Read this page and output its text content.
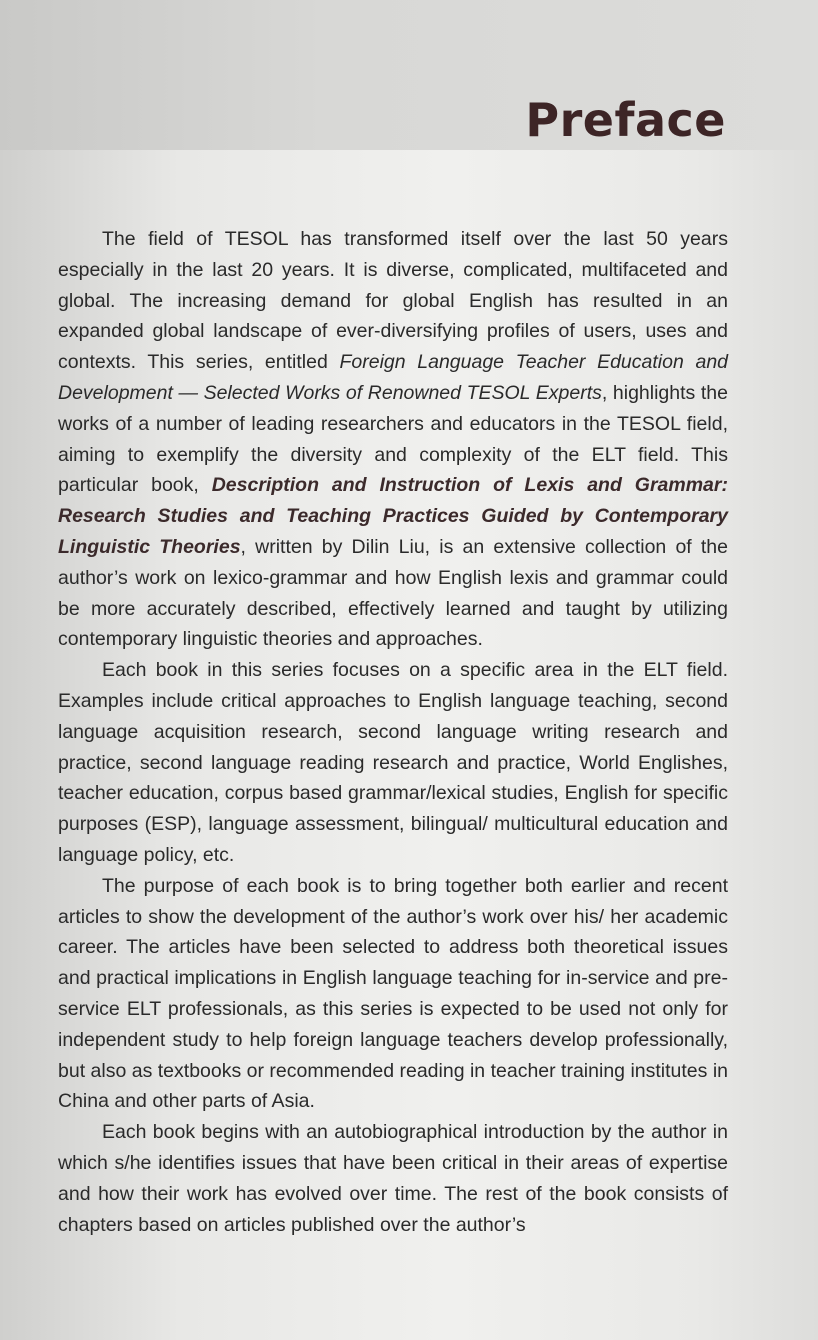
Preface

The field of TESOL has transformed itself over the last 50 years especially in the last 20 years. It is diverse, complicated, multifaceted and global. The increasing demand for global English has resulted in an expanded global landscape of ever-diversifying profiles of users, uses and contexts. This series, entitled Foreign Language Teacher Education and Development — Selected Works of Renowned TESOL Experts, highlights the works of a number of leading researchers and educators in the TESOL field, aiming to exemplify the diversity and complexity of the ELT field. This particular book, Description and Instruction of Lexis and Grammar: Research Studies and Teaching Practices Guided by Contemporary Linguistic Theories, written by Dilin Liu, is an extensive collection of the author’s work on lexico-grammar and how English lexis and grammar could be more accurately described, effectively learned and taught by utilizing contemporary linguistic theories and approaches.

Each book in this series focuses on a specific area in the ELT field. Examples include critical approaches to English language teaching, second language acquisition research, second language writing research and practice, second language reading research and practice, World Englishes, teacher education, corpus based grammar/lexical studies, English for specific purposes (ESP), language assessment, bilingual/ multicultural education and language policy, etc.

The purpose of each book is to bring together both earlier and recent articles to show the development of the author’s work over his/ her academic career. The articles have been selected to address both theoretical issues and practical implications in English language teaching for in-service and pre-service ELT professionals, as this series is expected to be used not only for independent study to help foreign language teachers develop professionally, but also as textbooks or recommended reading in teacher training institutes in China and other parts of Asia.

Each book begins with an autobiographical introduction by the author in which s/he identifies issues that have been critical in their areas of expertise and how their work has evolved over time. The rest of the book consists of chapters based on articles published over the author’s
